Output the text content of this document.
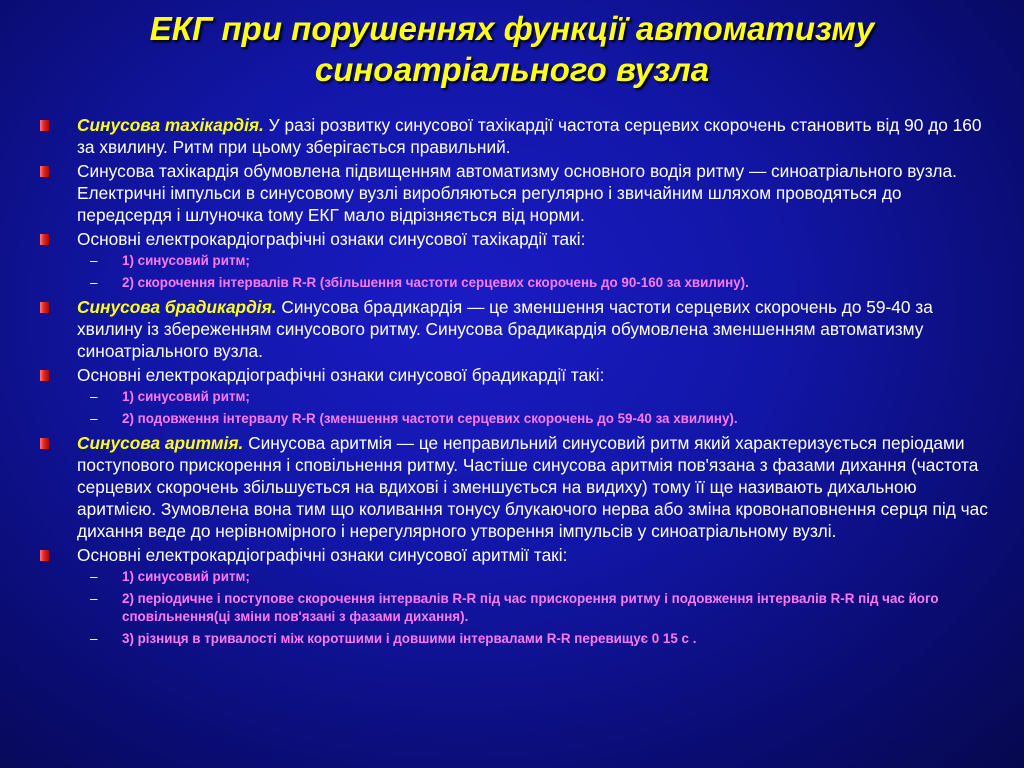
ЕКГ при порушеннях функції автоматизму
синоатріального вузла
Синусова тахікардія. У разі розвитку синусової тахікардії частота серцевих скорочень становить від 90 до 160 за хвилину. Ритм при цьому зберігається правильний.
Синусова тахікардія обумовлена підвищенням автоматизму основного водія ритму — синоатріального вузла. Електричні імпульси в синусовому вузлі виробляються регулярно і звичайним шляхом проводяться до передсердя і шлуночка tому ЕКГ мало відрізняється від норми.
Основні електрокардіографічні ознаки синусової тахікардії такі:
– 1) синусовий ритм;
– 2) скорочення інтервалів R-R (збільшення частоти серцевих скорочень до 90-160 за хвилину).
Синусова брадикардія. Синусова брадикардія — це зменшення частоти серцевих скорочень до 59-40 за хвилину із збереженням синусового ритму. Синусова брадикардія обумовлена зменшенням автоматизму синоатріального вузла.
Основні електрокардіографічні ознаки синусової брадикардії такі:
– 1) синусовий ритм;
– 2) подовження інтервалу R-R (зменшення частоти серцевих скорочень до 59-40 за хвилину).
Синусова аритмія. Синусова аритмія — це неправильний синусовий ритм який характеризується періодами поступового прискорення і сповільнення ритму. Частіше синусова аритмія пов'язана з фазами дихання (частота серцевих скорочень збільшується на вдихові і зменшується на видиху) тому її ще називають дихальною аритмією. Зумовлена вона тим що коливання тонусу блукаючого нерва або зміна кровонаповнення серця під час дихання веде до нерівномірного і нерегулярного утворення імпульсів у синоатріальному вузлі.
Основні електрокардіографічні ознаки синусової аритмії такі:
– 1) синусовий ритм;
– 2) періодичне і поступове скорочення інтервалів R-R під час прискорення ритму і подовження інтервалів R-R під час його сповільнення(ці зміни пов'язані з фазами дихання).
– 3) різниця в тривалості між коротшими і довшими інтервалами R-R перевищує 0 15 с .
